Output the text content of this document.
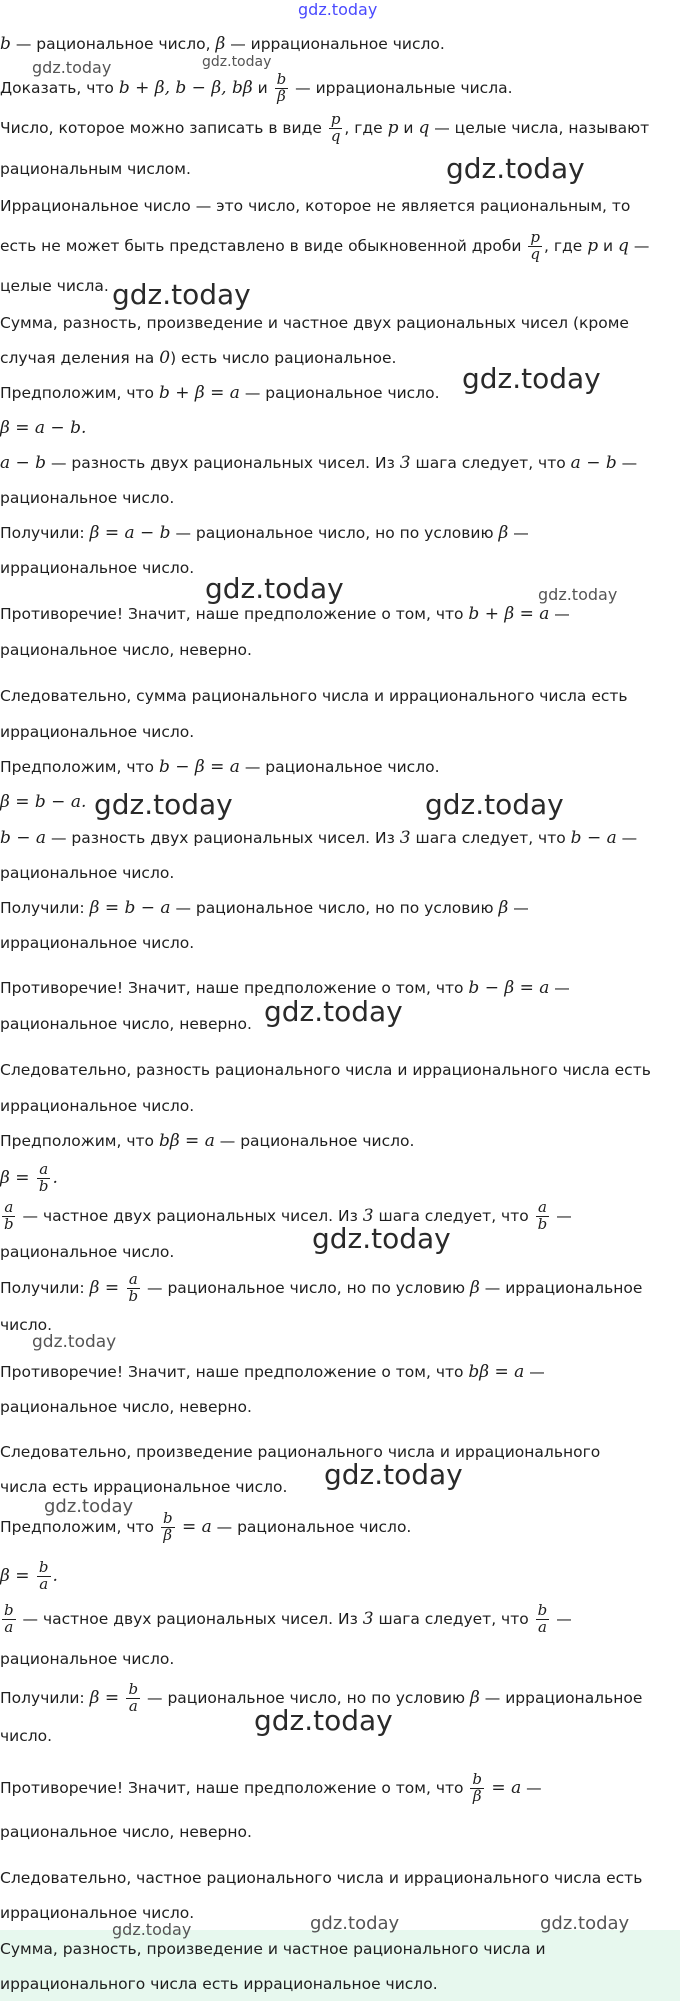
gdz.today
b — рациональное число, β — иррациональное число.
gdz.today	gdz.today
Доказать, что b + β, b − β, bβ и $\frac{b}{\beta}$ — иррациональные числа.
Число, которое можно записать в виде $\frac{p}{q}$ , где p и q — целые числа, называют
рациональным числом.	gdz.today
Иррациональное число — это число, которое не является рациональным, то
есть не может быть представлено в виде обыкновенной дроби $\frac{p}{q}$ , где p и q —
целые числа. gdz.today
Сумма, разность, произведение и частное двух рациональных чисел (кроме
случая деления на 0) есть число рациональное.
Предположим, что b + β = a — рациональное число. gdz.today
β = a − b.
a − b — разность двух рациональных чисел. Из 3 шага следует, что a − b —
рациональное число.
Получили: β = a − b — рациональное число, но по условию β —
иррациональное число.
gdz.today	gdz.today
Противоречие! Значит, наше предположение о том, что b + β = a —
рациональное число, неверно.
Следовательно, сумма рационального числа и иррационального числа есть
иррациональное число.
Предположим, что b − β = a — рациональное число.
β = b − a. gdz.today	gdz.today
b − a — разность двух рациональных чисел. Из 3 шага следует, что b − a —
рациональное число.
Получили: β = b − a — рациональное число, но по условию β —
иррациональное число.
Противоречие! Значит, наше предположение о том, что b − β = a —
рациональное число, неверно. gdz.today
Следовательно, разность рационального числа и иррационального числа есть
иррациональное число.
Предположим, что bβ = a — рациональное число.
$\beta = \frac{a}{b}$ .
$\frac{a}{b}$ — частное двух рациональных чисел. Из 3 шага следует, что $\frac{a}{b}$ —
рациональное число.	gdz.today
Получили: $\beta = \frac{a}{b}$ — рациональное число, но по условию β — иррациональное
число.
gdz.today
Противоречие! Значит, наше предположение о том, что bβ = a —
рациональное число, неверно.
Следовательно, произведение рационального числа и иррационального
числа есть иррациональное число.	gdz.today
gdz.today
Предположим, что $\frac{b}{\beta} = a$ — рациональное число.
$\beta = \frac{b}{a}$ .
$\frac{b}{a}$ — частное двух рациональных чисел. Из 3 шага следует, что $\frac{b}{a}$ —
рациональное число.
Получили: $\beta = \frac{b}{a}$ — рациональное число, но по условию β — иррациональное
число.	gdz.today
Противоречие! Значит, наше предположение о том, что $\frac{b}{\beta} = a$ —
рациональное число, неверно.
Следовательно, частное рационального числа и иррационального числа есть
иррациональное число.	gdz.today	gdz.today
gdz.today
Сумма, разность, произведение и частное рационального числа и
иррационального числа есть иррациональное число.
